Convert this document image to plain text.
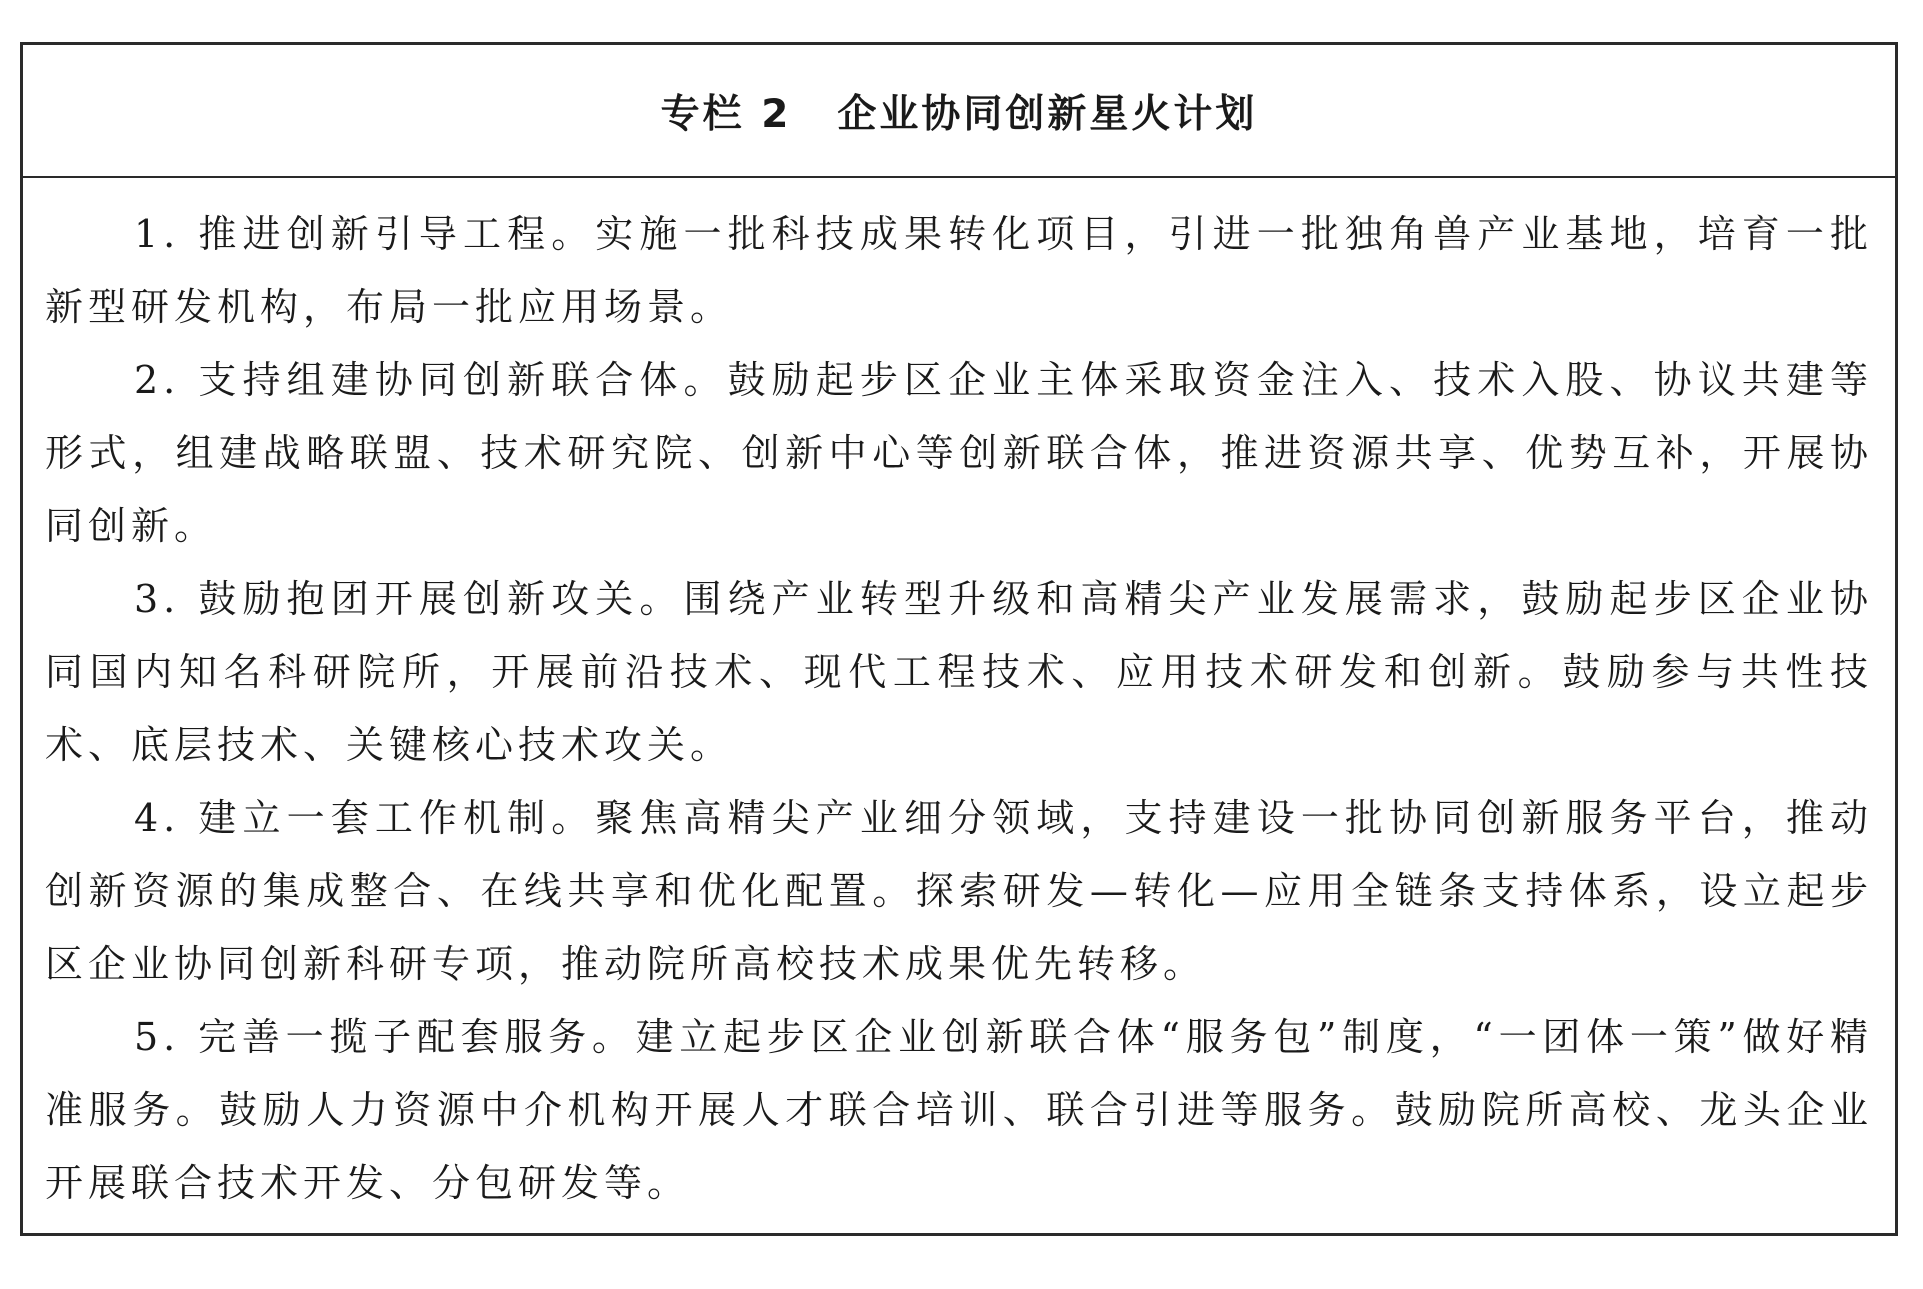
专栏 2 企业协同创新星火计划

1. 推进创新引导工程。实施一批科技成果转化项目，引进一批独角兽产业基地，培育一批新型研发机构，布局一批应用场景。

2. 支持组建协同创新联合体。鼓励起步区企业主体采取资金注入、技术入股、协议共建等形式，组建战略联盟、技术研究院、创新中心等创新联合体，推进资源共享、优势互补，开展协同创新。

3. 鼓励抱团开展创新攻关。围绕产业转型升级和高精尖产业发展需求，鼓励起步区企业协同国内知名科研院所，开展前沿技术、现代工程技术、应用技术研发和创新。鼓励参与共性技术、底层技术、关键核心技术攻关。

4. 建立一套工作机制。聚焦高精尖产业细分领域，支持建设一批协同创新服务平台，推动创新资源的集成整合、在线共享和优化配置。探索研发—转化—应用全链条支持体系，设立起步区企业协同创新科研专项，推动院所高校技术成果优先转移。

5. 完善一揽子配套服务。建立起步区企业创新联合体“服务包”制度，“一团体一策”做好精准服务。鼓励人力资源中介机构开展人才联合培训、联合引进等服务。鼓励院所高校、龙头企业开展联合技术开发、分包研发等。
